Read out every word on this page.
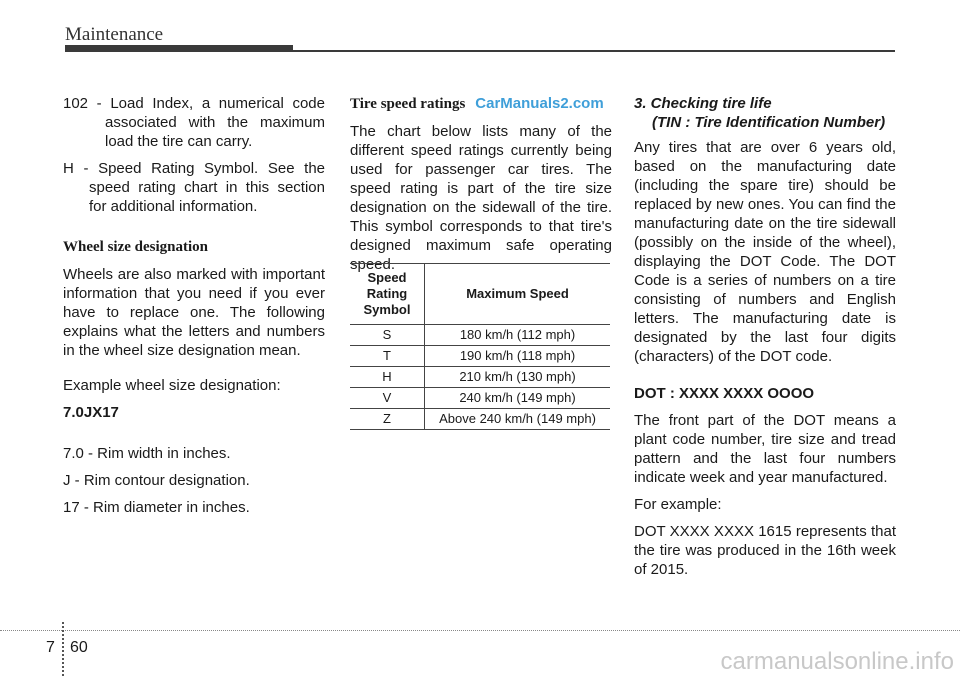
Maintenance

102 - Load Index, a numerical code associated with the maximum load the tire can carry.

H - Speed Rating Symbol. See the speed rating chart in this section for additional information.

Wheel size designation

Wheels are also marked with important information that you need if you ever have to replace one. The following explains what the letters and numbers in the wheel size designation mean.

Example wheel size designation:

7.0JX17

7.0 - Rim width in inches.

J - Rim contour designation.

17 - Rim diameter in inches.

Tire speed ratings CarManuals2.com

The chart below lists many of the different speed ratings currently being used for passenger car tires. The speed rating is part of the tire size designation on the sidewall of the tire. This symbol corresponds to that tire's designed maximum safe operating speed.

Speed Rating Symbol	Maximum Speed
S	180 km/h (112 mph)
T	190 km/h (118 mph)
H	210 km/h (130 mph)
V	240 km/h (149 mph)
Z	Above 240 km/h (149 mph)
3. Checking tire life
(TIN : Tire Identification Number)

Any tires that are over 6 years old, based on the manufacturing date (including the spare tire) should be replaced by new ones. You can find the manufacturing date on the tire sidewall (possibly on the inside of the wheel), displaying the DOT Code. The DOT Code is a series of numbers on a tire consisting of numbers and English letters. The manufacturing date is designated by the last four digits (characters) of the DOT code.

DOT : XXXX XXXX OOOO

The front part of the DOT means a plant code number, tire size and tread pattern and the last four numbers indicate week and year manufactured.

For example:

DOT XXXX XXXX 1615 represents that the tire was produced in the 16th week of 2015.

7 60
carmanualsonline.info
